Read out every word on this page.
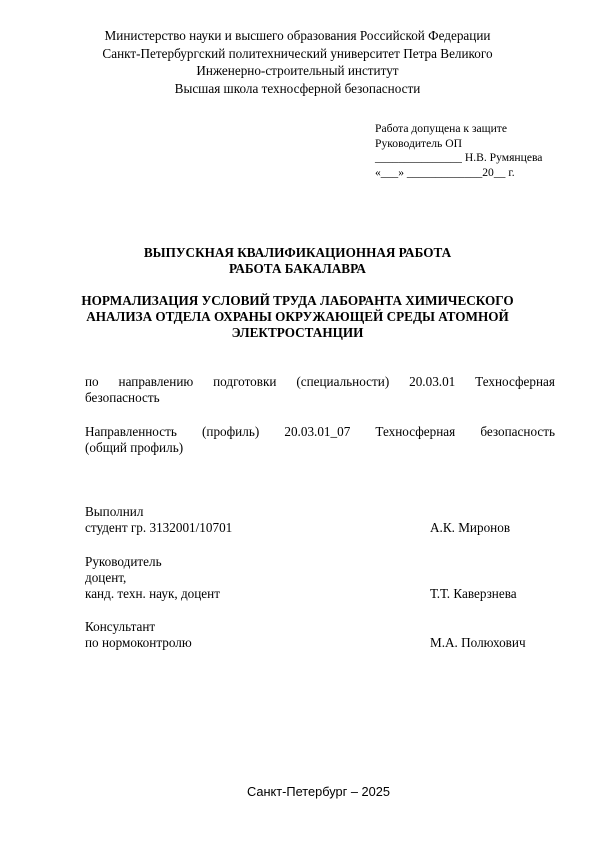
Министерство науки и высшего образования Российской Федерации
Санкт-Петербургский политехнический университет Петра Великого
Инженерно-строительный институт
Высшая школа техносферной безопасности
Работа допущена к защите
Руководитель ОП
_______________ Н.В. Румянцева
«___» _____________20__ г.
ВЫПУСКНАЯ КВАЛИФИКАЦИОННАЯ РАБОТА
РАБОТА БАКАЛАВРА
НОРМАЛИЗАЦИЯ УСЛОВИЙ ТРУДА ЛАБОРАНТА ХИМИЧЕСКОГО
АНАЛИЗА ОТДЕЛА ОХРАНЫ ОКРУЖАЮЩЕЙ СРЕДЫ АТОМНОЙ
ЭЛЕКТРОСТАНЦИИ
по направлению подготовки (специальности) 20.03.01 Техносферная
безопасность
Направленность (профиль) 20.03.01_07 Техносферная безопасность
(общий профиль)
Выполнил
студент гр. 3132001/10701	А.К. Миронов
Руководитель
доцент,
канд. техн. наук, доцент	Т.Т. Каверзнева
Консультант
по нормоконтролю	М.А. Полюхович
Санкт-Петербург – 2025
